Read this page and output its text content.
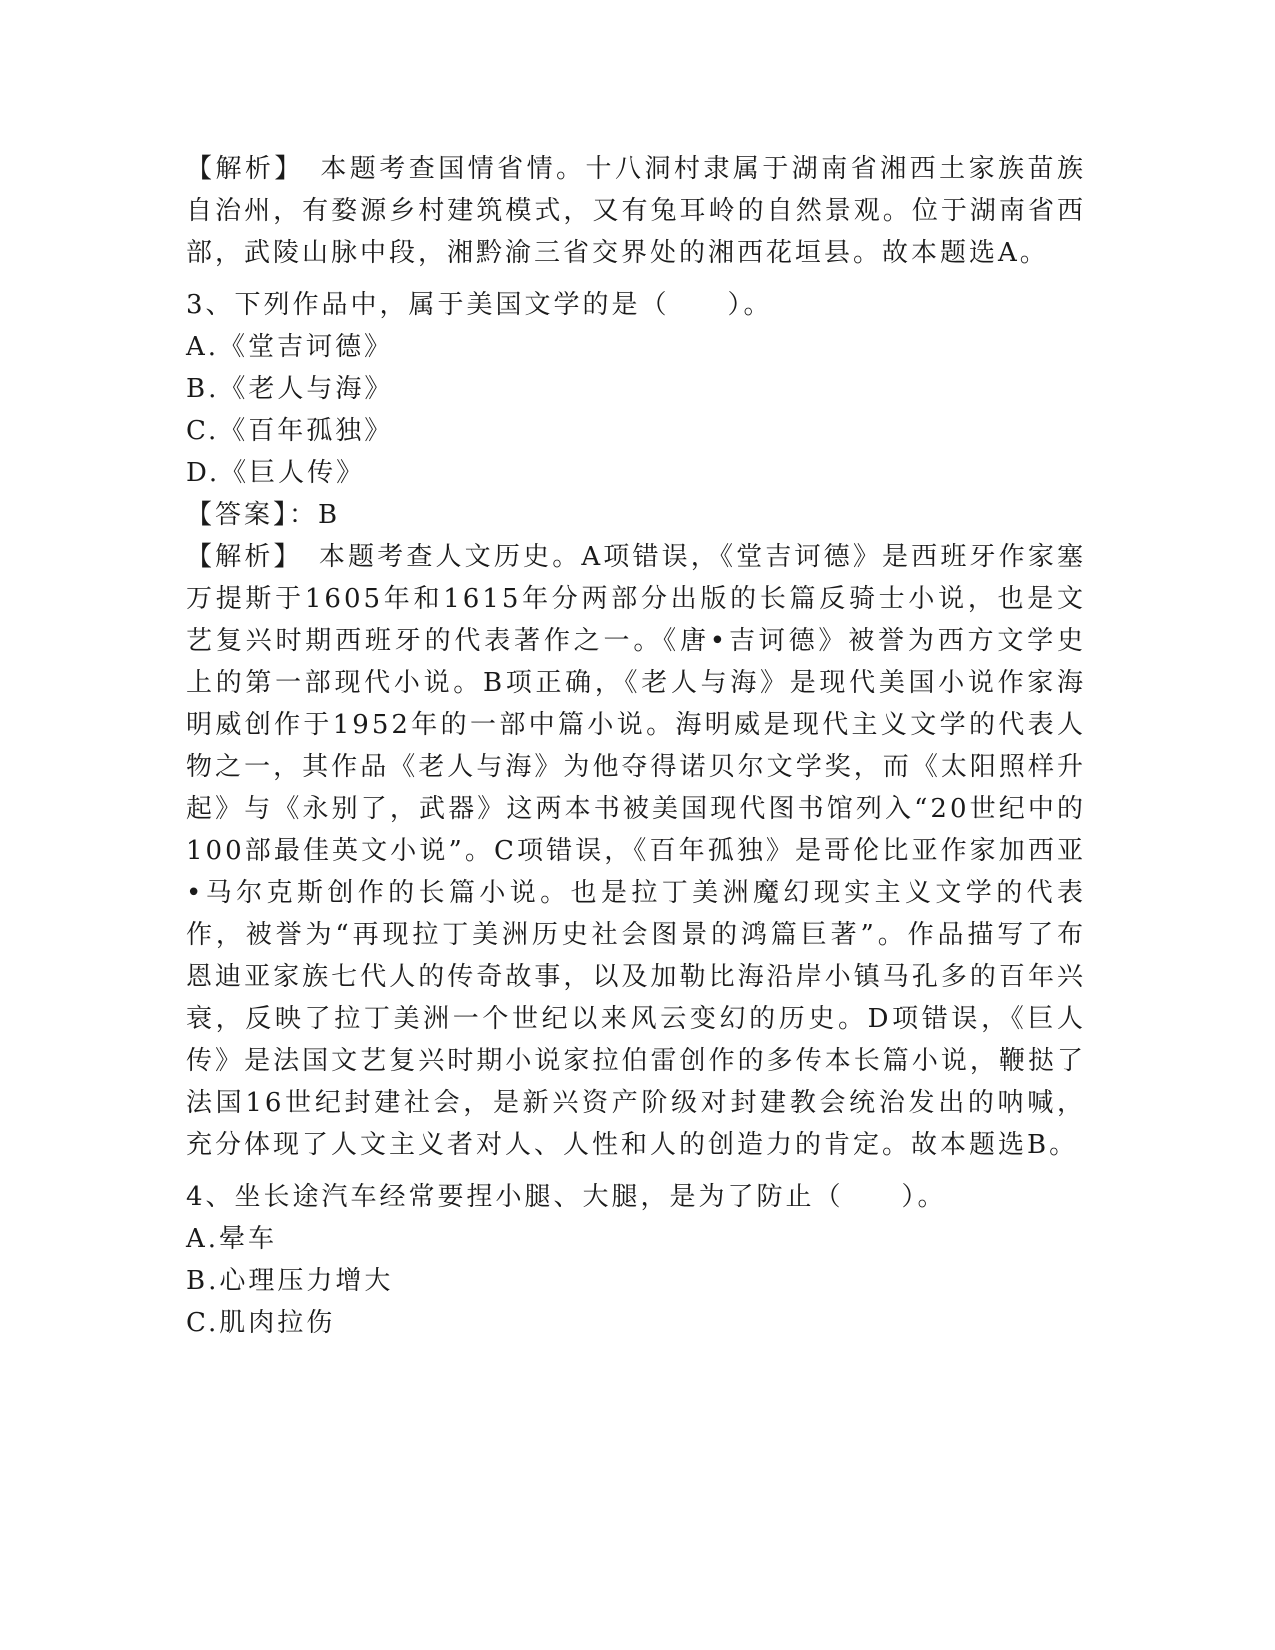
【解析】　本题考查国情省情。十八洞村隶属于湖南省湘西土家族苗族自治州，有婺源乡村建筑模式，又有兔耳岭的自然景观。位于湖南省西部，武陵山脉中段，湘黔渝三省交界处的湘西花垣县。故本题选A。

3、下列作品中，属于美国文学的是（　　）。

A.《堂吉诃德》

B.《老人与海》

C.《百年孤独》

D.《巨人传》

【答案】：B

【解析】　本题考查人文历史。A项错误，《堂吉诃德》是西班牙作家塞万提斯于1605年和1615年分两部分出版的长篇反骑士小说，也是文艺复兴时期西班牙的代表著作之一。《唐•吉诃德》被誉为西方文学史上的第一部现代小说。B项正确，《老人与海》是现代美国小说作家海明威创作于1952年的一部中篇小说。海明威是现代主义文学的代表人物之一，其作品《老人与海》为他夺得诺贝尔文学奖，而《太阳照样升起》与《永别了，武器》这两本书被美国现代图书馆列入“20世纪中的100部最佳英文小说”。C项错误，《百年孤独》是哥伦比亚作家加西亚•马尔克斯创作的长篇小说。也是拉丁美洲魔幻现实主义文学的代表作，被誉为“再现拉丁美洲历史社会图景的鸿篇巨著”。作品描写了布恩迪亚家族七代人的传奇故事，以及加勒比海沿岸小镇马孔多的百年兴衰，反映了拉丁美洲一个世纪以来风云变幻的历史。D项错误，《巨人传》是法国文艺复兴时期小说家拉伯雷创作的多传本长篇小说，鞭挞了法国16世纪封建社会，是新兴资产阶级对封建教会统治发出的呐喊，充分体现了人文主义者对人、人性和人的创造力的肯定。故本题选B。

4、坐长途汽车经常要捏小腿、大腿，是为了防止（　　）。

A.晕车

B.心理压力增大

C.肌肉拉伤
